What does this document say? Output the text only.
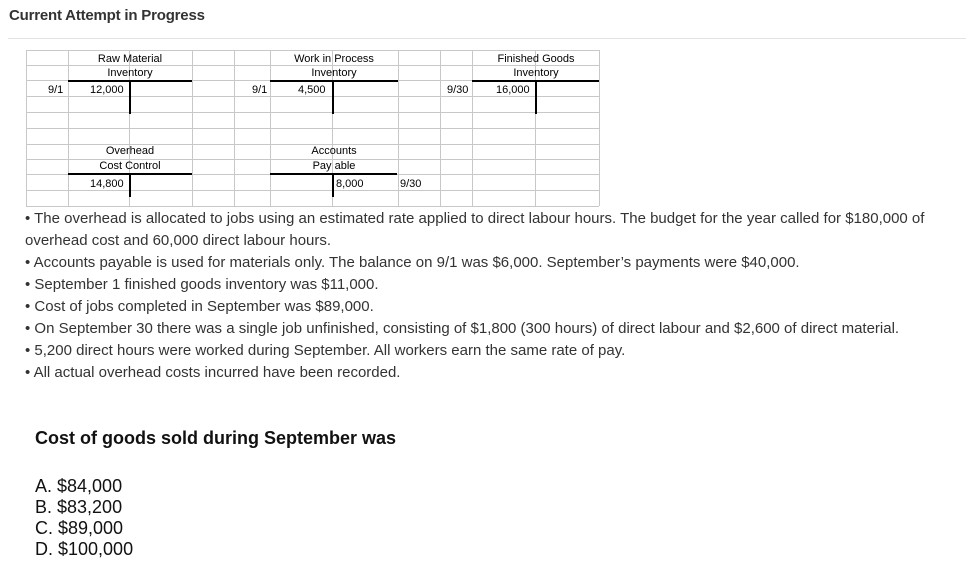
Current Attempt in Progress
Raw Material
Inventory
9/1 12,000
Work in Process
Inventory
9/1	4,500
Finished Goods
Inventory
9/30	16,000
Overhead
Cost Control
14,800
Accounts
Pay able
8,000	9/30
• The overhead is allocated to jobs using an estimated rate applied to direct labour hours. The budget for the year called for $180,000 of overhead cost and 60,000 direct labour hours.
• Accounts payable is used for materials only. The balance on 9/1 was $6,000. September’s payments were $40,000.
• September 1 finished goods inventory was $11,000.
• Cost of jobs completed in September was $89,000.
• On September 30 there was a single job unfinished, consisting of $1,800 (300 hours) of direct labour and $2,600 of direct material.
• 5,200 direct hours were worked during September. All workers earn the same rate of pay.
• All actual overhead costs incurred have been recorded.
Cost of goods sold during September was
A. $84,000
B. $83,200
C. $89,000
D. $100,000
